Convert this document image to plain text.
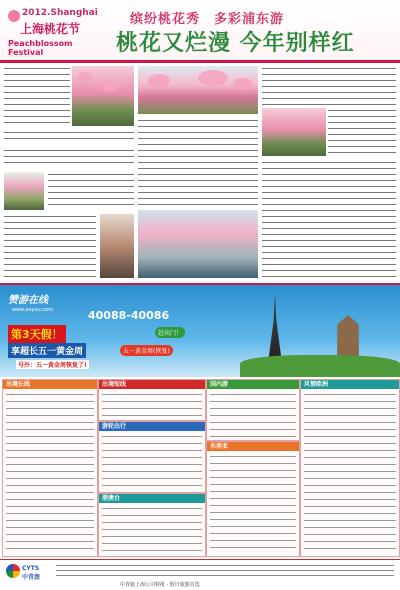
2012.Shanghai
上海桃花节
Peachblossom Festival
缤纷桃花秀　多彩浦东游
桃花又烂漫 今年别样红
赞游在线
www.aoyou.com	40088-40086
第3天假！
享超长五一黄金周
号外：五一黄金周恢复了!
五一黄金周(恢复)
赶出门！
出境长线	出境短线
游轮出行
港澳台
国内游
东南亚
风情欧洲
CYTS 中青旅
中青旅上海公司特批 · 假日旅游首选
